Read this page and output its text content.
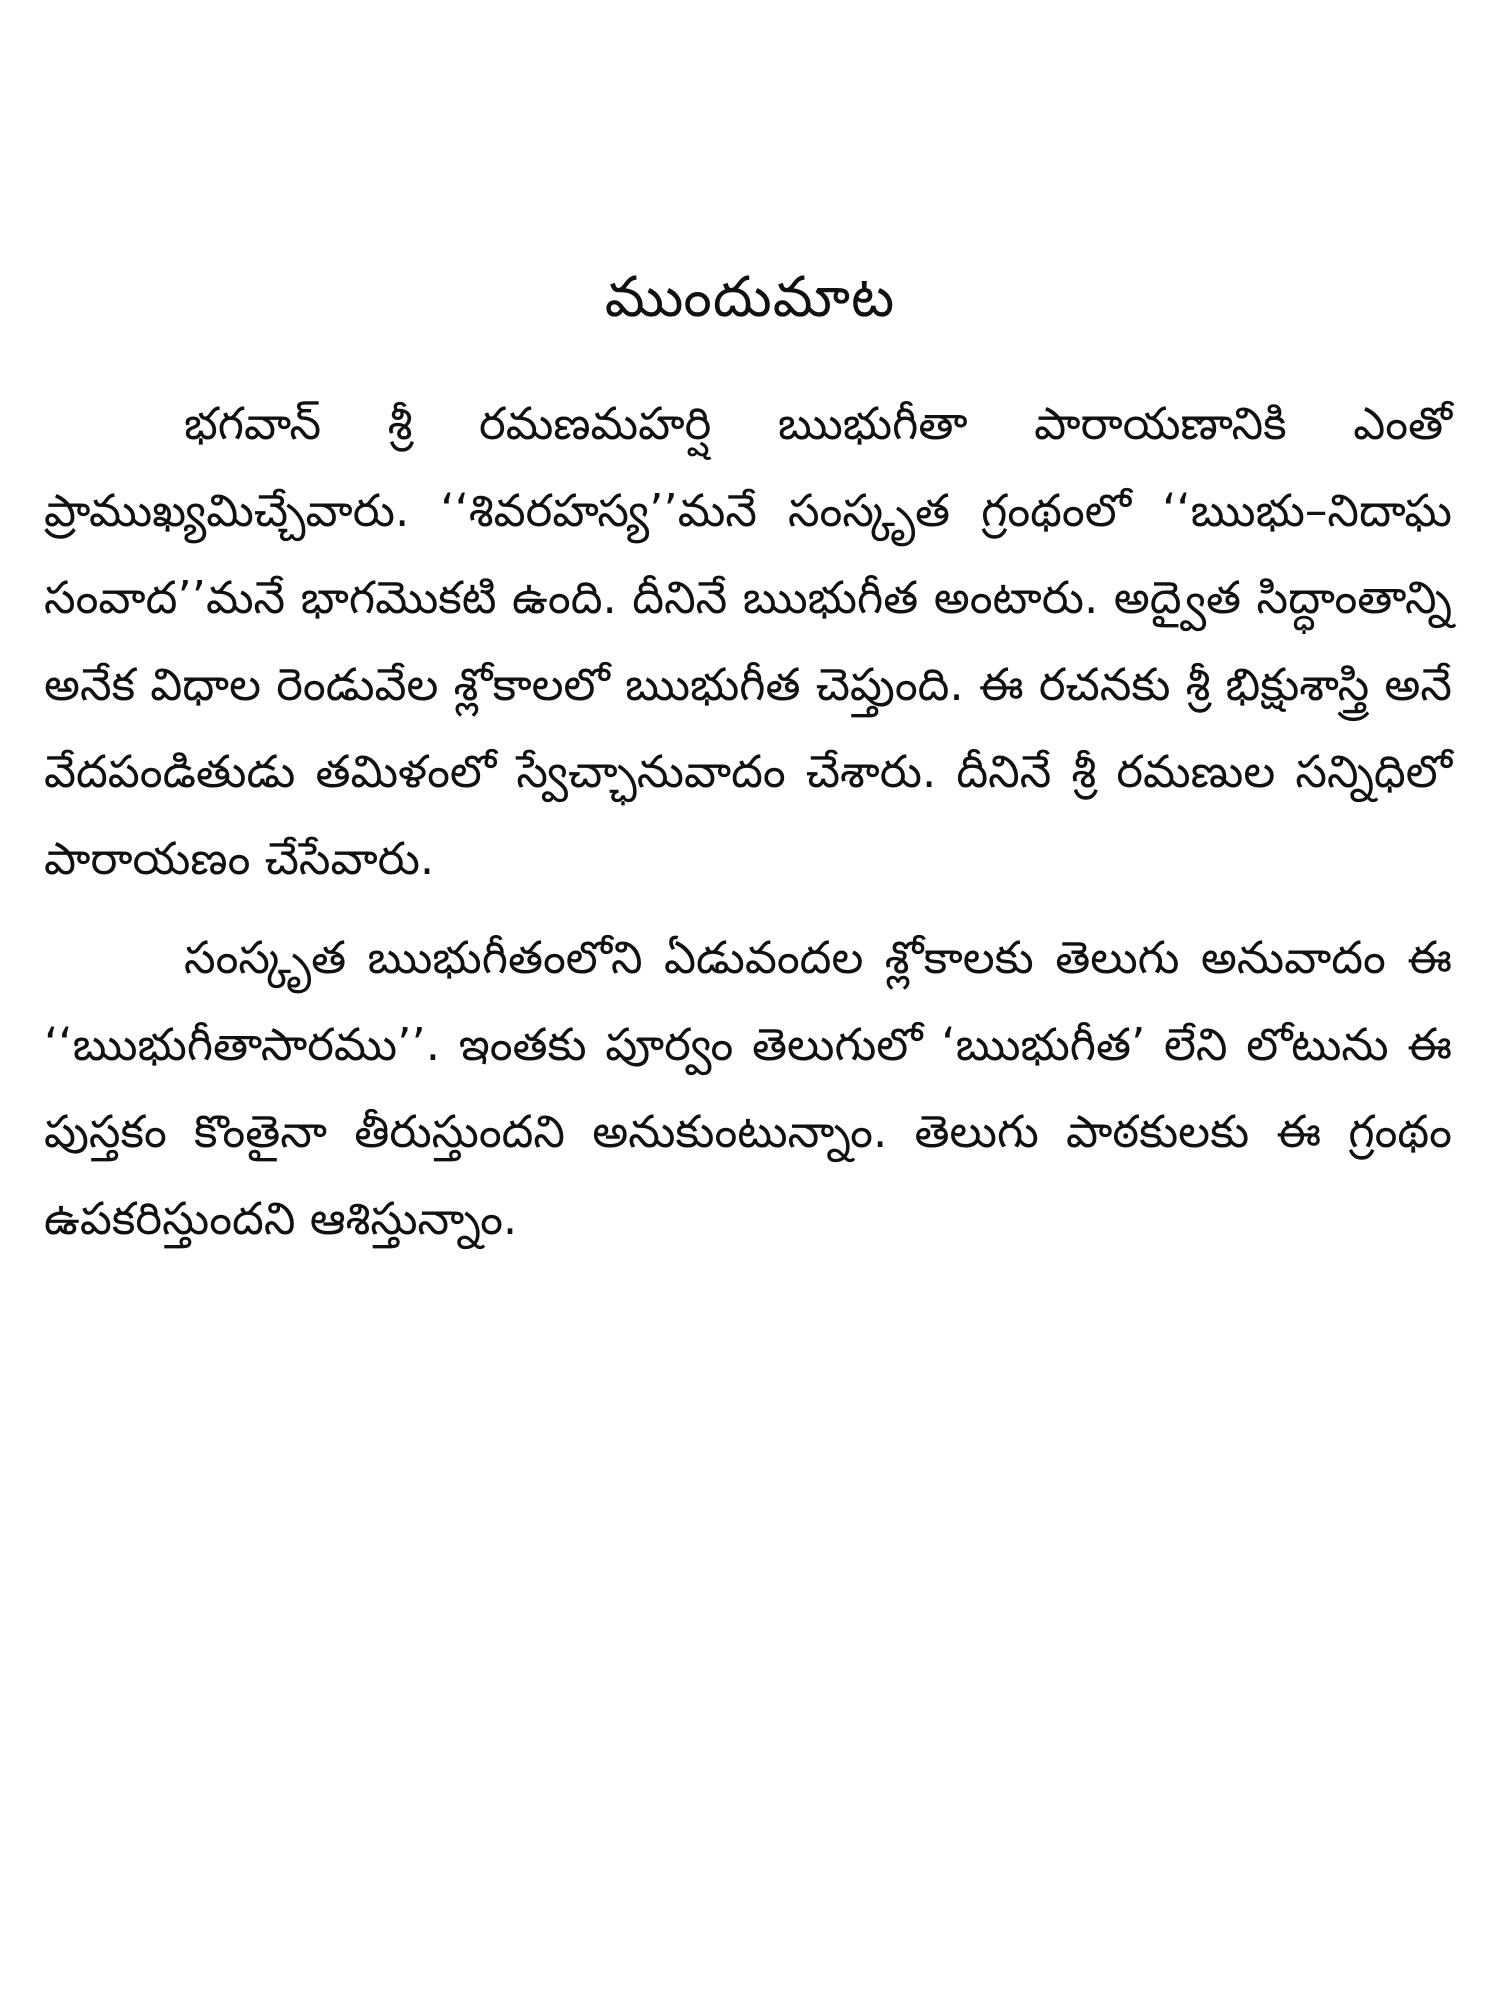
ముందుమాట

భగవాన్ శ్రీ రమణమహర్షి ఋభుగీతా పారాయణానికి ఎంతో ప్రాముఖ్యమిచ్చేవారు. ‘‘శివరహస్య’’మనే సంస్కృత గ్రంథంలో ‘‘ఋభు–నిదాఘ సంవాద’’మనే భాగమొకటి ఉంది. దీనినే ఋభుగీత అంటారు. అద్వైత సిద్ధాంతాన్ని అనేక విధాల రెండువేల శ్లోకాలలో ఋభుగీత చెప్తుంది. ఈ రచనకు శ్రీ భిక్షుశాస్త్రి అనే వేదపండితుడు తమిళంలో స్వేచ్ఛానువాదం చేశారు. దీనినే శ్రీ రమణుల సన్నిధిలో పారాయణం చేసేవారు.

సంస్కృత ఋభుగీతంలోని ఏడువందల శ్లోకాలకు తెలుగు అనువాదం ఈ ‘‘ఋభుగీతాసారము’’. ఇంతకు పూర్వం తెలుగులో ‘ఋభుగీత’ లేని లోటును ఈ పుస్తకం కొంతైనా తీరుస్తుందని అనుకుంటున్నాం. తెలుగు పాఠకులకు ఈ గ్రంథం ఉపకరిస్తుందని ఆశిస్తున్నాం.
